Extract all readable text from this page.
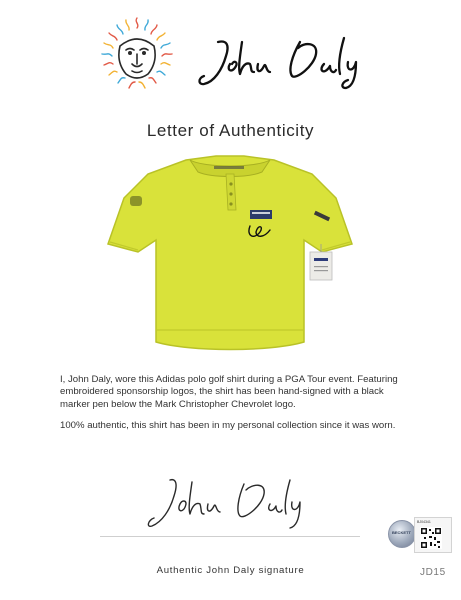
Letter of Authenticity

I, John Daly, wore this Adidas polo golf shirt during a PGA Tour event. Featuring embroidered sponsorship logos, the shirt has been hand-signed with a black marker pen below the Mark Christopher Chevrolet logo.

100% authentic, this shirt has been in my personal collection since it was worn.

Authentic John Daly signature
BECKETT
BJ04341
JD15
